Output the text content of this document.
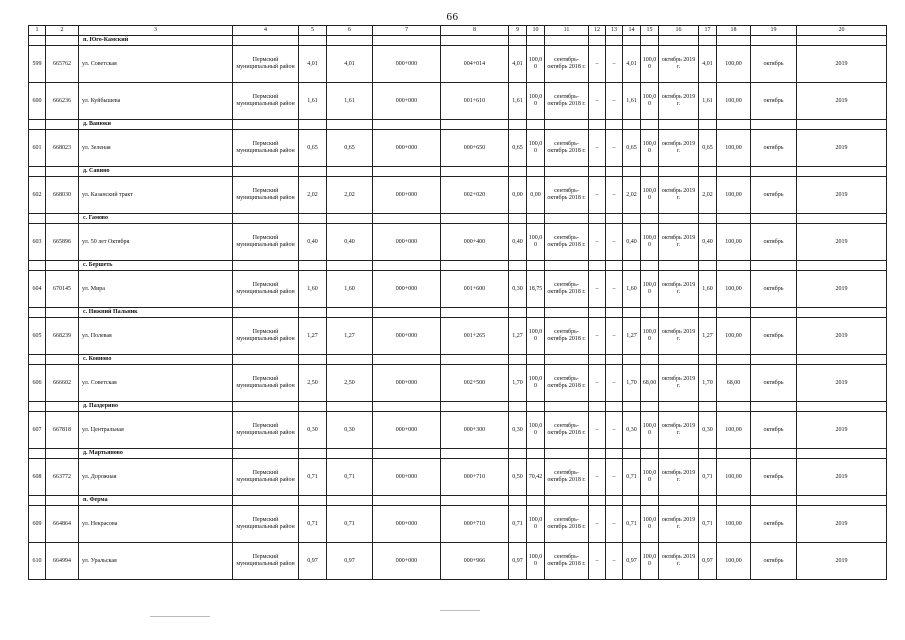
66
1	2	3	4	5	6	7	8	9	10	11	12	13	14	15	16	17	18	19	20
		п. Юго-Камский																	
599	665762	ул. Советская	Пермский муниципальный район	4,01	4,01	000+000	004+014	4,01	100,00	сентябрь-октябрь 2018 г.	–	–	4,01	100,00	октябрь 2019 г.	4,01	100,00	октябрь	2019
600	666236	ул. Куйбышева	Пермский муниципальный район	1,61	1,61	000+000	001+610	1,61	100,00	сентябрь-октябрь 2018 г.	–	–	1,61	100,00	октябрь 2019 г.	1,61	100,00	октябрь	2019
		д. Ванюки																	
601	668023	ул. Зеленая	Пермский муниципальный район	0,65	0,65	000+000	000+650	0,65	100,00	сентябрь-октябрь 2018 г.	–	–	0,65	100,00	октябрь 2019 г.	0,65	100,00	октябрь	2019
		д. Савино																	
602	668030	ул. Казанский тракт	Пермский муниципальный район	2,02	2,02	000+000	002+020	0,00	0,00	сентябрь-октябрь 2018 г.	–	–	2,02	100,00	октябрь 2019 г.	2,02	100,00	октябрь	2019
		с. Гамово																	
603	665896	ул. 50 лет Октября	Пермский муниципальный район	0,40	0,40	000+000	000+400	0,40	100,00	сентябрь-октябрь 2018 г.	–	–	0,40	100,00	октябрь 2019 г.	0,40	100,00	октябрь	2019
		с. Бершеть																	
604	670145	ул. Мира	Пермский муниципальный район	1,60	1,60	000+000	001+600	0,30	18,75	сентябрь-октябрь 2018 г.	–	–	1,60	100,00	октябрь 2019 г.	1,60	100,00	октябрь	2019
		с. Нижний Пальник																	
605	668239	ул. Полевая	Пермский муниципальный район	1,27	1,27	000+000	001+265	1,27	100,00	сентябрь-октябрь 2018 г.	–	–	1,27	100,00	октябрь 2019 г.	1,27	100,00	октябрь	2019
		с. Кояново																	
606	666602	ул. Советская	Пермский муниципальный район	2,50	2,50	000+000	002+500	1,70	100,00	сентябрь-октябрь 2018 г.	–	–	1,70	68,00	октябрь 2019 г.	1,70	68,00	октябрь	2019
		д. Паздерино																	
607	667818	ул. Центральная	Пермский муниципальный район	0,30	0,30	000+000	000+300	0,30	100,00	сентябрь-октябрь 2018 г.	–	–	0,30	100,00	октябрь 2019 г.	0,30	100,00	октябрь	2019
		д. Мартьяново																	
608	663772	ул. Дорожная	Пермский муниципальный район	0,71	0,71	000+000	000+710	0,50	70,42	сентябрь-октябрь 2018 г.	–	–	0,71	100,00	октябрь 2019 г.	0,71	100,00	октябрь	2019
		п. Ферма																	
609	664864	ул. Некрасова	Пермский муниципальный район	0,71	0,71	000+000	000+710	0,71	100,00	сентябрь-октябрь 2018 г.	–	–	0,71	100,00	октябрь 2019 г.	0,71	100,00	октябрь	2019
610	664994	ул. Уральская	Пермский муниципальный район	0,97	0,97	000+000	000+966	0,97	100,00	сентябрь-октябрь 2018 г.	–	–	0,97	100,00	октябрь 2019 г.	0,97	100,00	октябрь	2019
